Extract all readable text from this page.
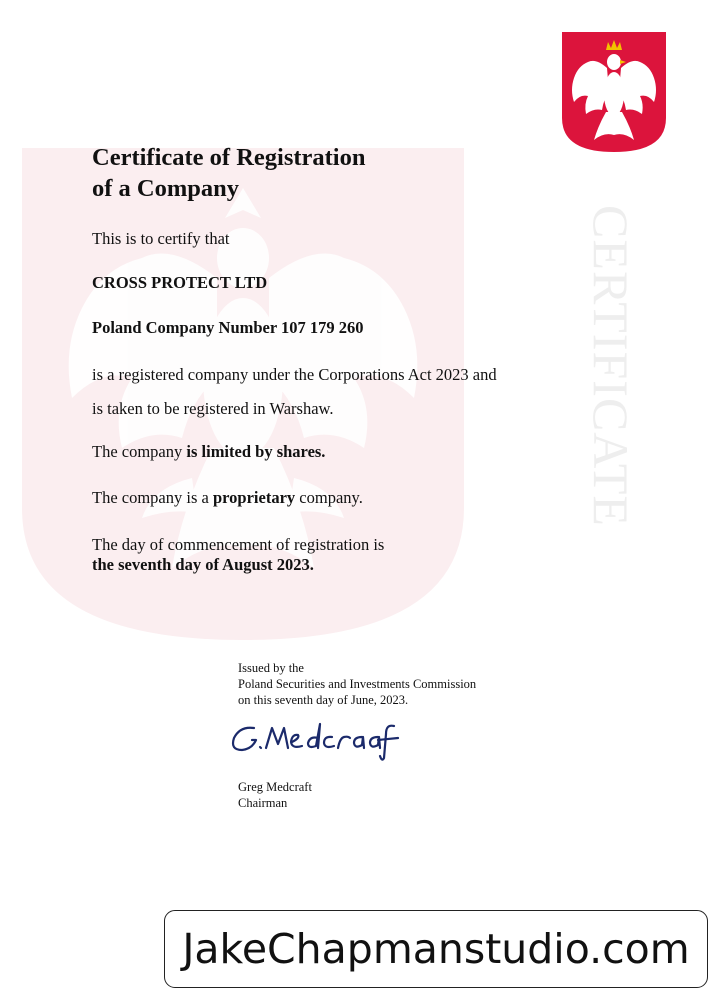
CERTIFICATE
Certificate of Registration
of a Company
This is to certify that
CROSS PROTECT LTD
Poland Company Number 107 179 260
is a registered company under the Corporations Act 2023 and
is taken to be registered in Warshaw.
The company is limited by shares.
The company is a proprietary company.
The day of commencement of registration is
the seventh day of August 2023.
Issued by the
Poland Securities and Investments Commission
on this seventh day of June, 2023.
Greg Medcraft
Chairman
JakeChapmanstudio.com
